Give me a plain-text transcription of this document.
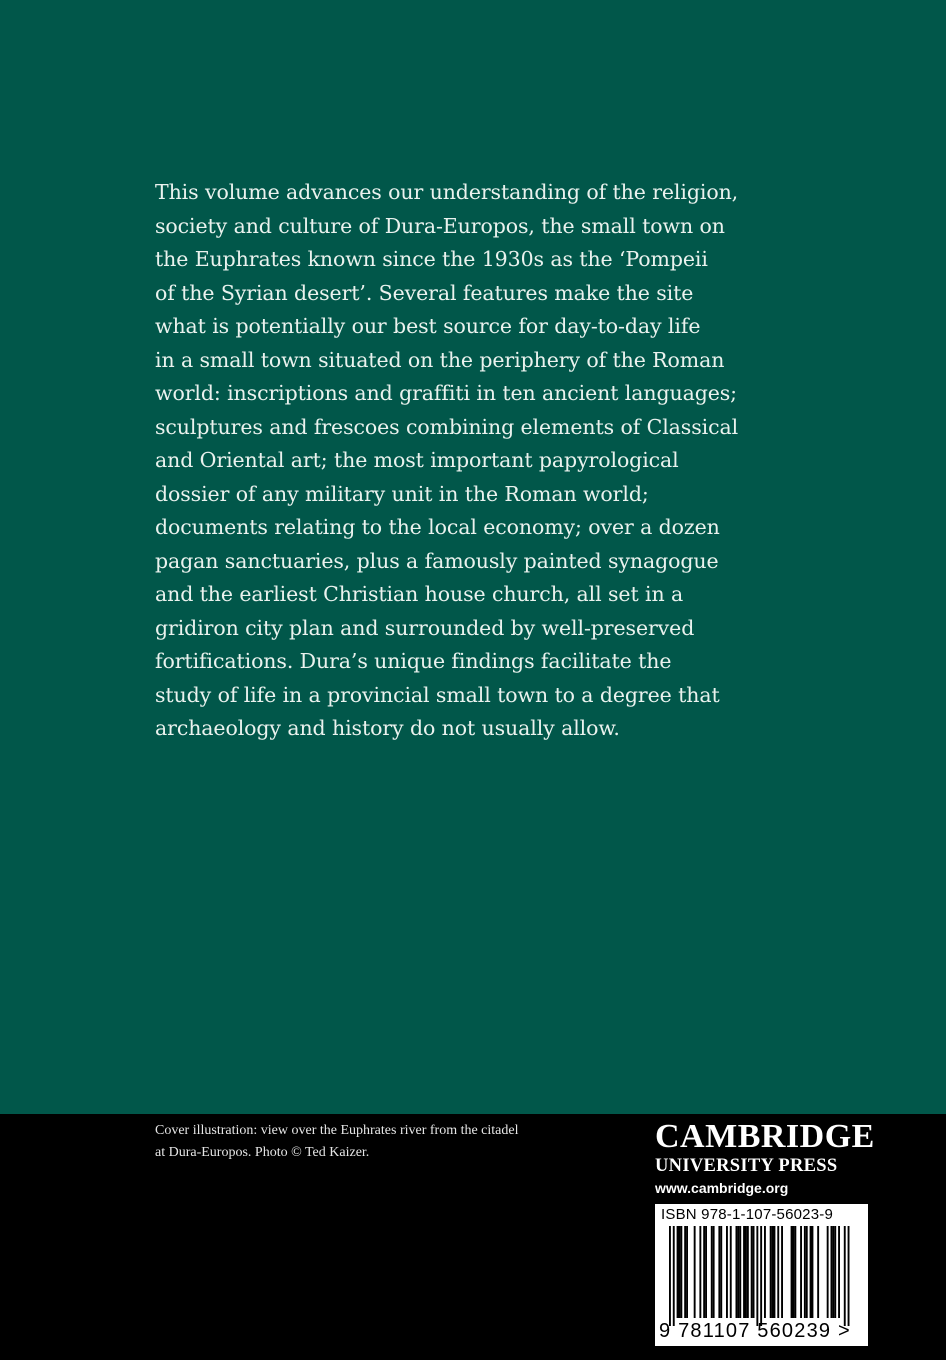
This volume advances our understanding of the religion,
society and culture of Dura-Europos, the small town on
the Euphrates known since the 1930s as the ‘Pompeii
of the Syrian desert’. Several features make the site
what is potentially our best source for day-to-day life
in a small town situated on the periphery of the Roman
world: inscriptions and graffiti in ten ancient languages;
sculptures and frescoes combining elements of Classical
and Oriental art; the most important papyrological
dossier of any military unit in the Roman world;
documents relating to the local economy; over a dozen
pagan sanctuaries, plus a famously painted synagogue
and the earliest Christian house church, all set in a
gridiron city plan and surrounded by well-preserved
fortifications. Dura’s unique findings facilitate the
study of life in a provincial small town to a degree that
archaeology and history do not usually allow.

Cover illustration: view over the Euphrates river from the citadel
at Dura-Europos. Photo © Ted Kaizer.	CAMBRIDGE
UNIVERSITY PRESS
www.cambridge.org
ISBN 978-1-107-56023-9
9 781107 560239 >
